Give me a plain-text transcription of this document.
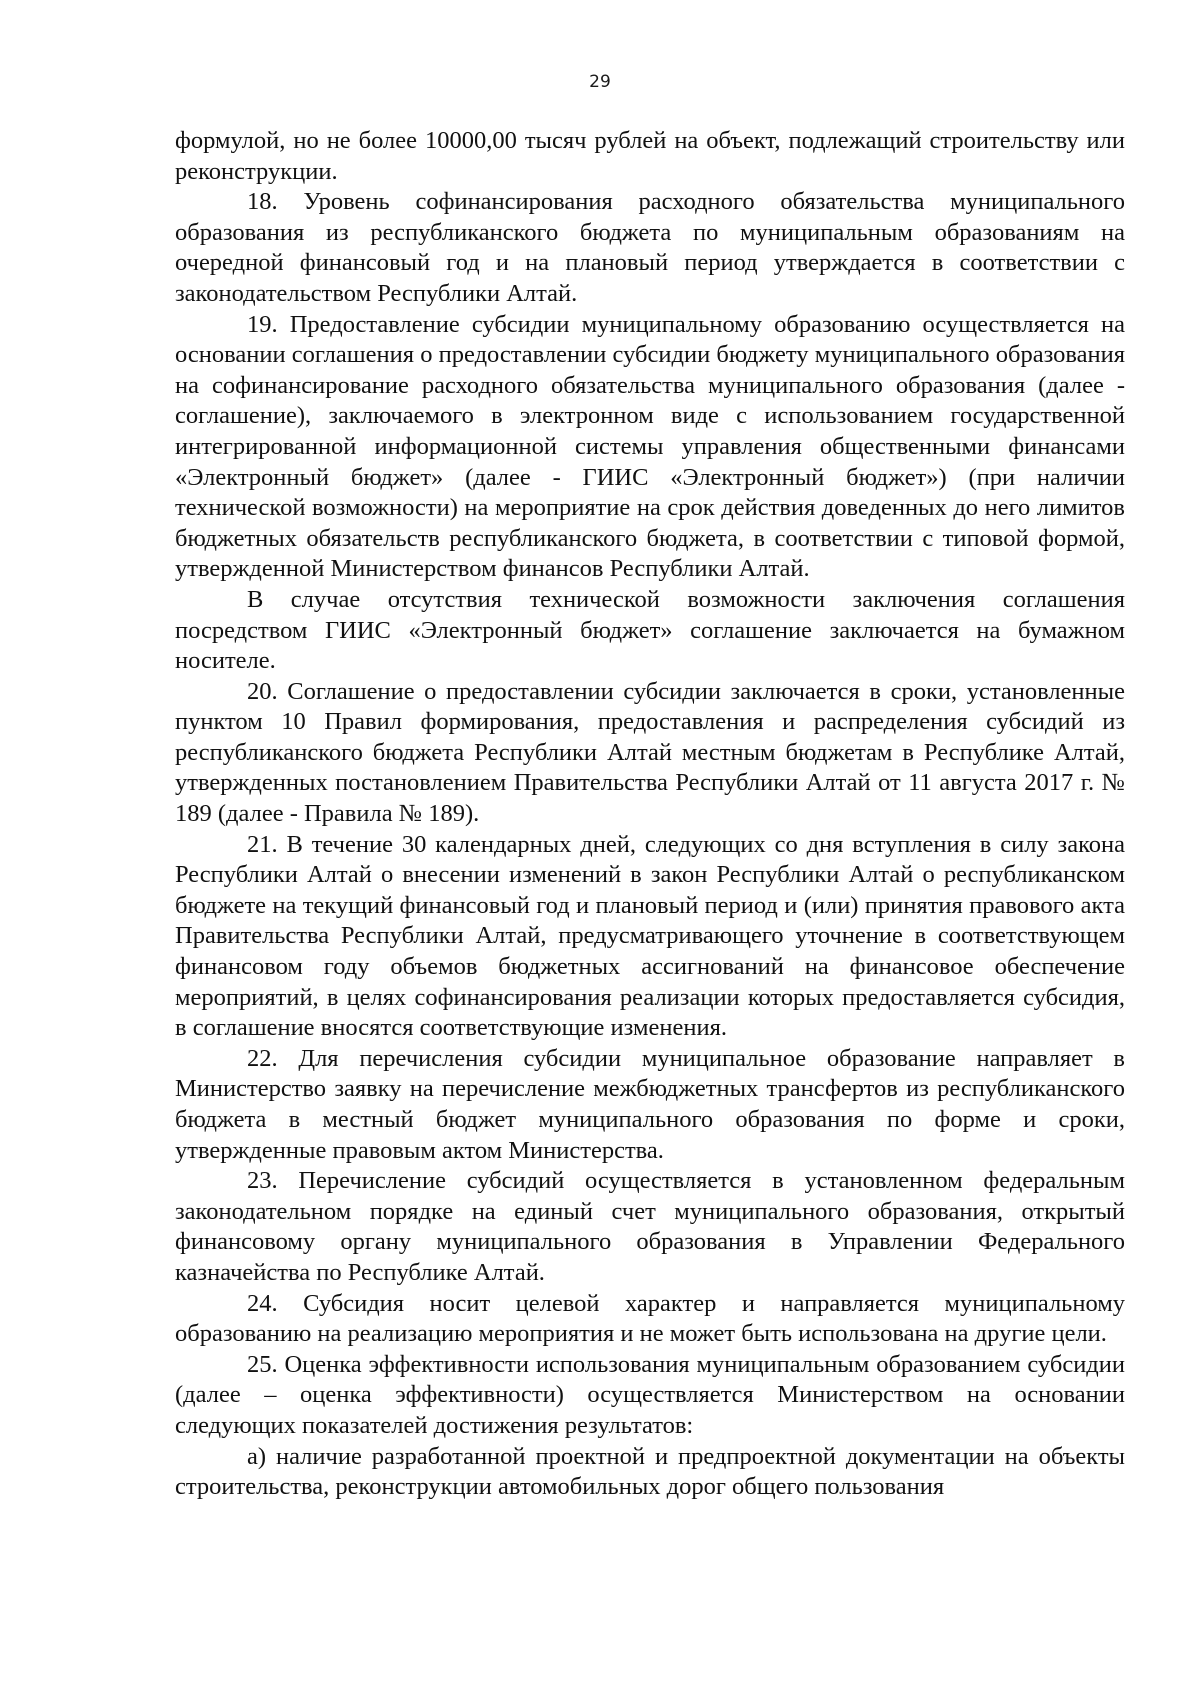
29

формулой, но не более 10000,00 тысяч рублей на объект, подлежащий строительству или реконструкции.

18. Уровень софинансирования расходного обязательства муниципального образования из республиканского бюджета по муниципальным образованиям на очередной финансовый год и на плановый период утверждается в соответствии с законодательством Республики Алтай.

19. Предоставление субсидии муниципальному образованию осуществляется на основании соглашения о предоставлении субсидии бюджету муниципального образования на софинансирование расходного обязательства муниципального образования (далее - соглашение), заключаемого в электронном виде с использованием государственной интегрированной информационной системы управления общественными финансами «Электронный бюджет» (далее - ГИИС «Электронный бюджет») (при наличии технической возможности) на мероприятие на срок действия доведенных до него лимитов бюджетных обязательств республиканского бюджета, в соответствии с типовой формой, утвержденной Министерством финансов Республики Алтай.

В случае отсутствия технической возможности заключения соглашения посредством ГИИС «Электронный бюджет» соглашение заключается на бумажном носителе.

20. Соглашение о предоставлении субсидии заключается в сроки, установленные пунктом 10 Правил формирования, предоставления и распределения субсидий из республиканского бюджета Республики Алтай местным бюджетам в Республике Алтай, утвержденных постановлением Правительства Республики Алтай от 11 августа 2017 г. № 189 (далее - Правила № 189).

21. В течение 30 календарных дней, следующих со дня вступления в силу закона Республики Алтай о внесении изменений в закон Республики Алтай о республиканском бюджете на текущий финансовый год и плановый период и (или) принятия правового акта Правительства Республики Алтай, предусматривающего уточнение в соответствующем финансовом году объемов бюджетных ассигнований на финансовое обеспечение мероприятий, в целях софинансирования реализации которых предоставляется субсидия, в соглашение вносятся соответствующие изменения.

22. Для перечисления субсидии муниципальное образование направляет в Министерство заявку на перечисление межбюджетных трансфертов из республиканского бюджета в местный бюджет муниципального образования по форме и сроки, утвержденные правовым актом Министерства.

23. Перечисление субсидий осуществляется в установленном федеральным законодательном порядке на единый счет муниципального образования, открытый финансовому органу муниципального образования в Управлении Федерального казначейства по Республике Алтай.

24. Субсидия носит целевой характер и направляется муниципальному образованию на реализацию мероприятия и не может быть использована на другие цели.

25. Оценка эффективности использования муниципальным образованием субсидии (далее – оценка эффективности) осуществляется Министерством на основании следующих показателей достижения результатов:

а) наличие разработанной проектной и предпроектной документации на объекты строительства, реконструкции автомобильных дорог общего пользования
